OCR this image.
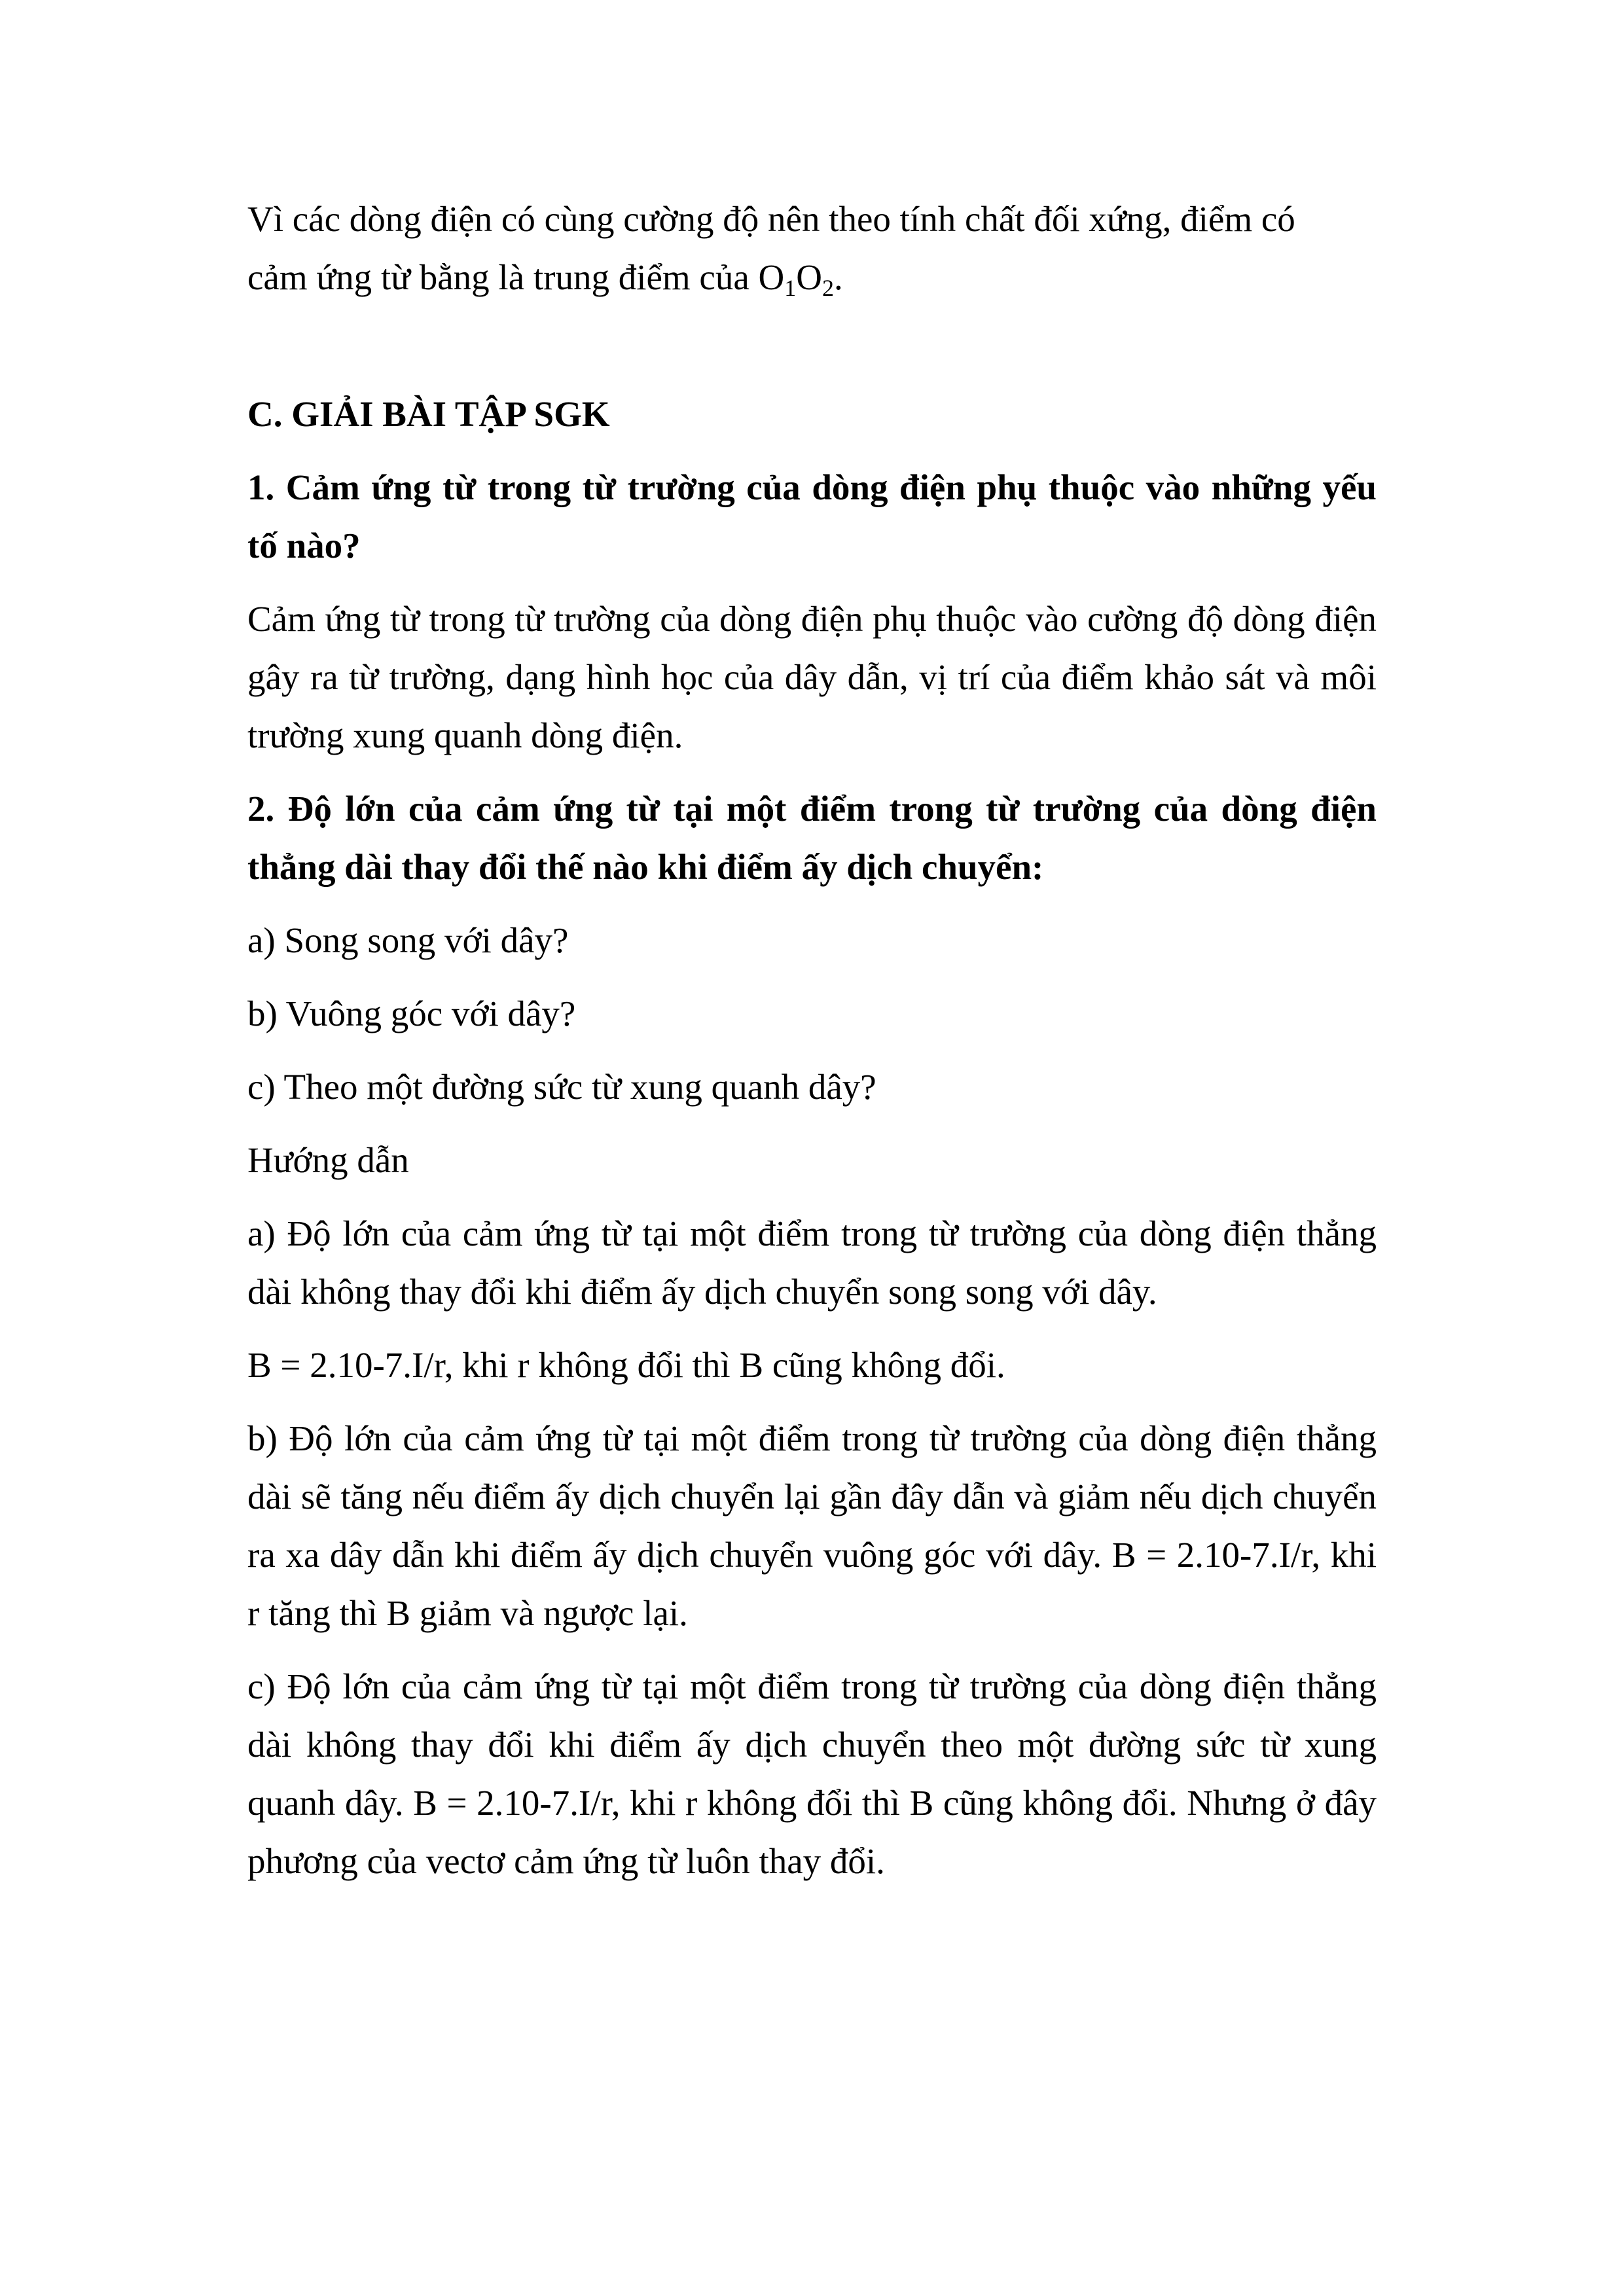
Vì các dòng điện có cùng cường độ nên theo tính chất đối xứng, điểm có
cảm ứng từ bằng là trung điểm của $O_1O_2$.

C. GIẢI BÀI TẬP SGK

1. Cảm ứng từ trong từ trường của dòng điện phụ thuộc vào những yếu tố nào?

Cảm ứng từ trong từ trường của dòng điện phụ thuộc vào cường độ dòng điện gây ra từ trường, dạng hình học của dây dẫn, vị trí của điểm khảo sát và môi trường xung quanh dòng điện.

2. Độ lớn của cảm ứng từ tại một điểm trong từ trường của dòng điện thẳng dài thay đổi thế nào khi điểm ấy dịch chuyển:

a) Song song với dây?

b) Vuông góc với dây?

c) Theo một đường sức từ xung quanh dây?

Hướng dẫn

a) Độ lớn của cảm ứng từ tại một điểm trong từ trường của dòng điện thẳng dài không thay đổi khi điểm ấy dịch chuyển song song với dây.

B = 2.10-7.I/r, khi r không đổi thì B cũng không đổi.

b) Độ lớn của cảm ứng từ tại một điểm trong từ trường của dòng điện thẳng dài sẽ tăng nếu điểm ấy dịch chuyển lại gần đây dẫn và giảm nếu dịch chuyển ra xa dây dẫn khi điểm ấy dịch chuyển vuông góc với dây. B = 2.10-7.I/r, khi r tăng thì B giảm và ngược lại.

c) Độ lớn của cảm ứng từ tại một điểm trong từ trường của dòng điện thẳng dài không thay đổi khi điểm ấy dịch chuyển theo một đường sức từ xung quanh dây. B = 2.10-7.I/r, khi r không đổi thì B cũng không đổi. Nhưng ở đây phương của vectơ cảm ứng từ luôn thay đổi.
